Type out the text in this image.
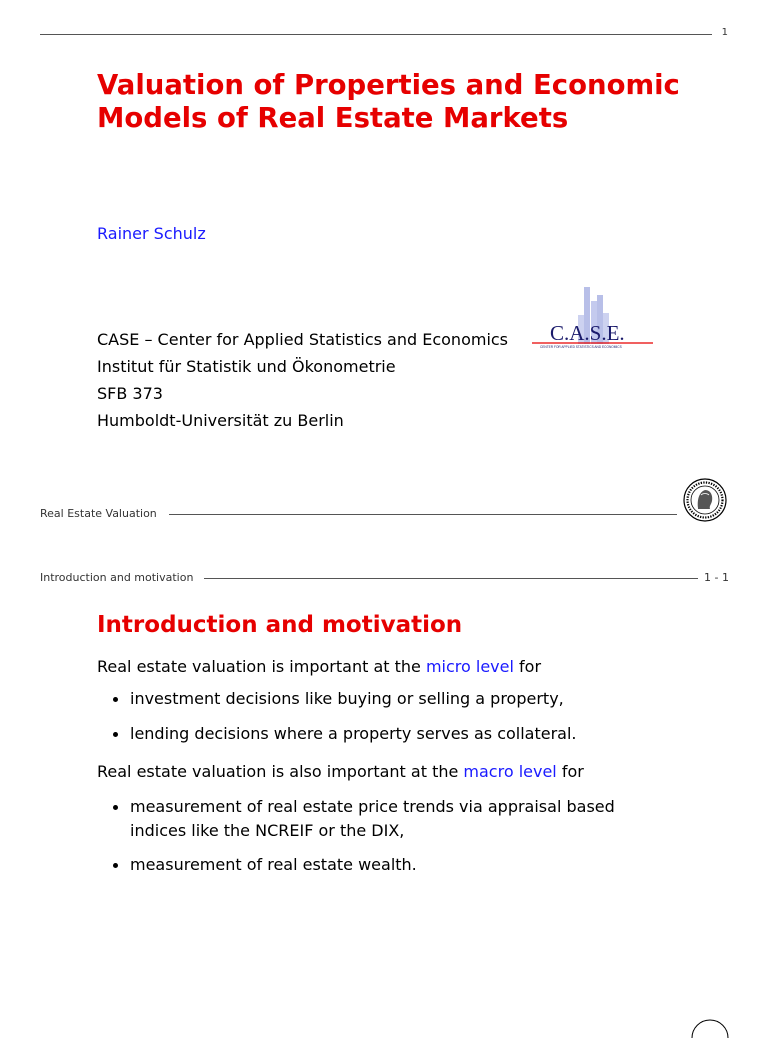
1
Valuation of Properties and Economic Models of Real Estate Markets
Rainer Schulz
CASE – Center for Applied Statistics and Economics
Institut für Statistik und Ökonometrie
SFB 373
Humboldt-Universität zu Berlin
C.A.S.E.
CENTER FOR APPLIED STATISTICS AND ECONOMICS
Real Estate Valuation
Introduction and motivation	1 - 1
Introduction and motivation
Real estate valuation is important at the micro level for
investment decisions like buying or selling a property,
lending decisions where a property serves as collateral.
Real estate valuation is also important at the macro level for
measurement of real estate price trends via appraisal based indices like the NCREIF or the DIX,
measurement of real estate wealth.
